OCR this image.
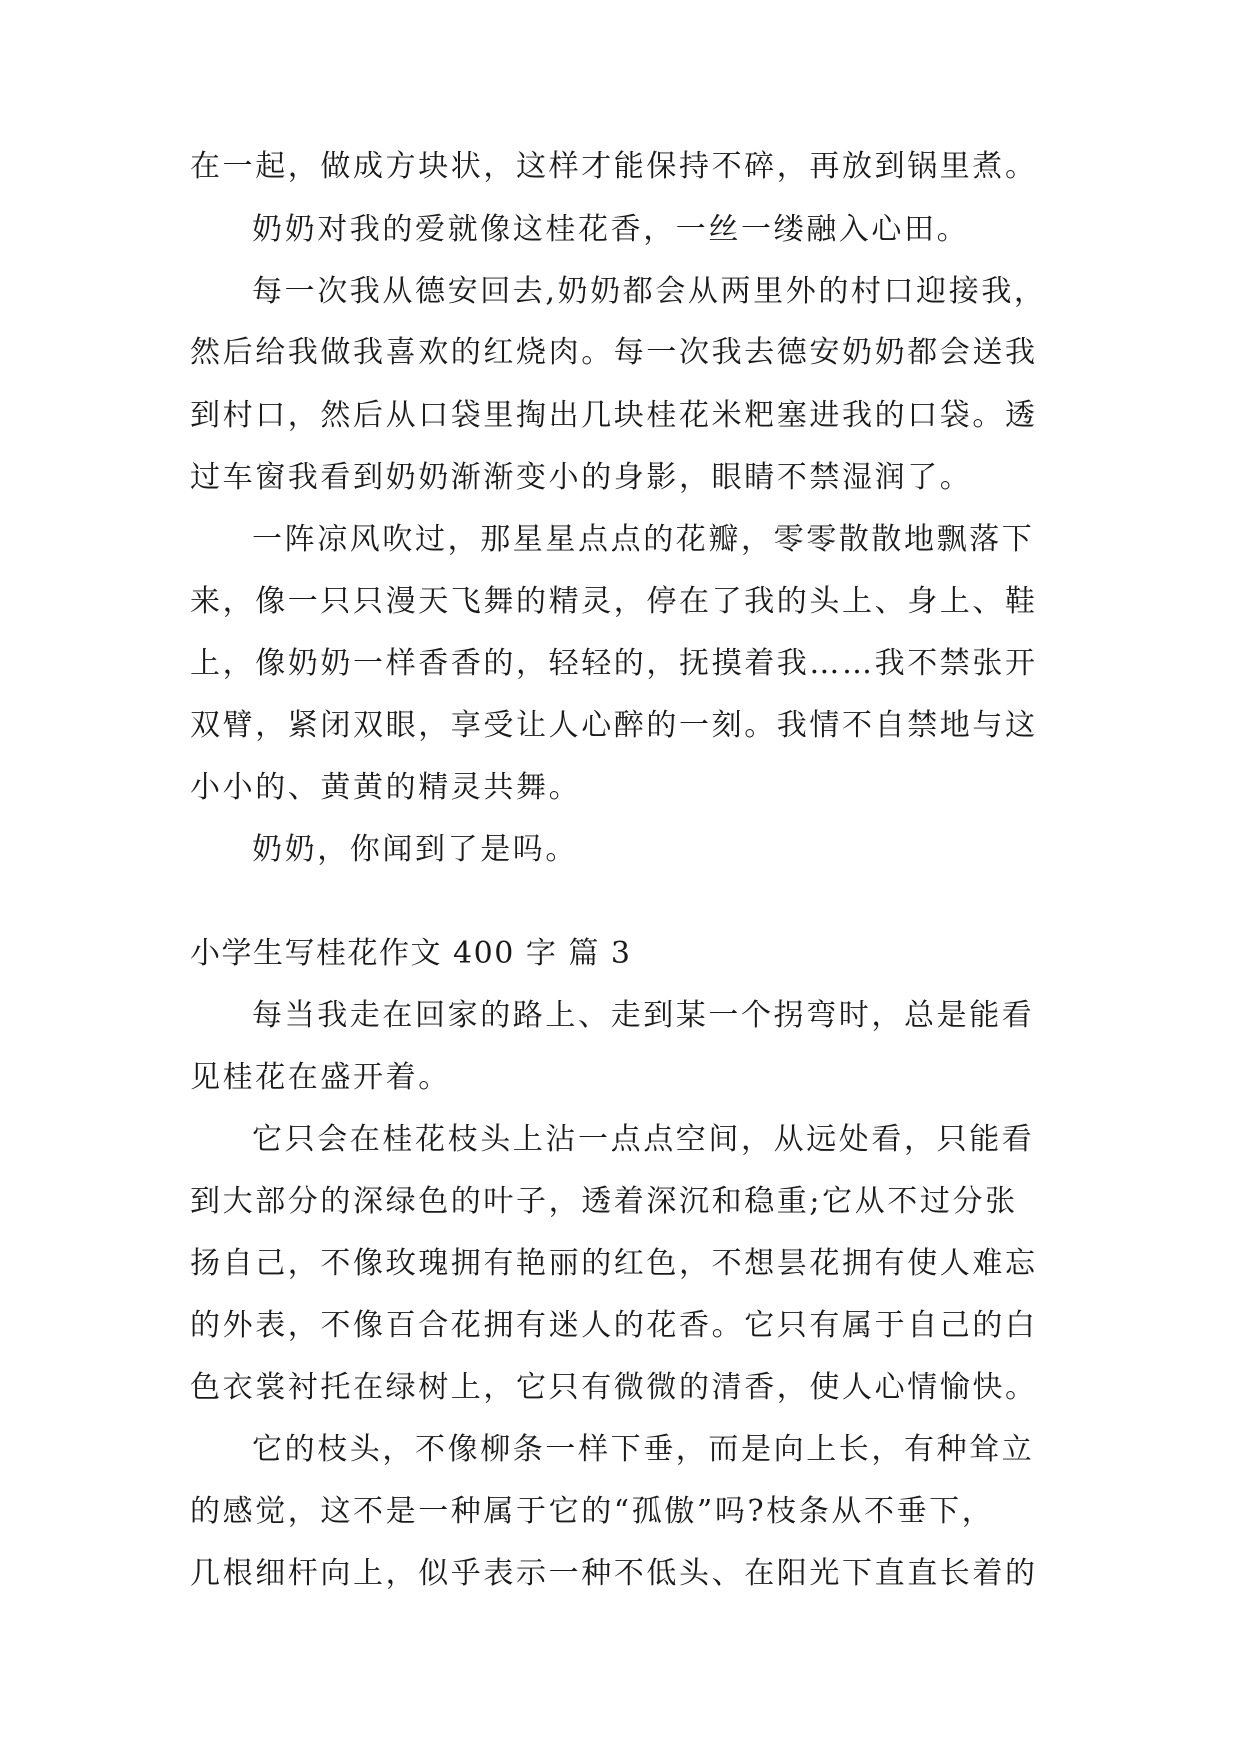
在一起，做成方块状，这样才能保持不碎，再放到锅里煮。
奶奶对我的爱就像这桂花香，一丝一缕融入心田。
每一次我从德安回去,奶奶都会从两里外的村口迎接我，
然后给我做我喜欢的红烧肉。每一次我去德安奶奶都会送我
到村口，然后从口袋里掏出几块桂花米粑塞进我的口袋。透
过车窗我看到奶奶渐渐变小的身影，眼睛不禁湿润了。
一阵凉风吹过，那星星点点的花瓣，零零散散地飘落下
来，像一只只漫天飞舞的精灵，停在了我的头上、身上、鞋
上，像奶奶一样香香的，轻轻的，抚摸着我……我不禁张开
双臂，紧闭双眼，享受让人心醉的一刻。我情不自禁地与这
小小的、黄黄的精灵共舞。
奶奶，你闻到了是吗。
小学生写桂花作文 400 字 篇 3
每当我走在回家的路上、走到某一个拐弯时，总是能看
见桂花在盛开着。
它只会在桂花枝头上沾一点点空间，从远处看，只能看
到大部分的深绿色的叶子，透着深沉和稳重;它从不过分张
扬自己，不像玫瑰拥有艳丽的红色，不想昙花拥有使人难忘
的外表，不像百合花拥有迷人的花香。它只有属于自己的白
色衣裳衬托在绿树上，它只有微微的清香，使人心情愉快。
它的枝头，不像柳条一样下垂，而是向上长，有种耸立
的感觉，这不是一种属于它的“孤傲”吗?枝条从不垂下，
几根细杆向上，似乎表示一种不低头、在阳光下直直长着的
